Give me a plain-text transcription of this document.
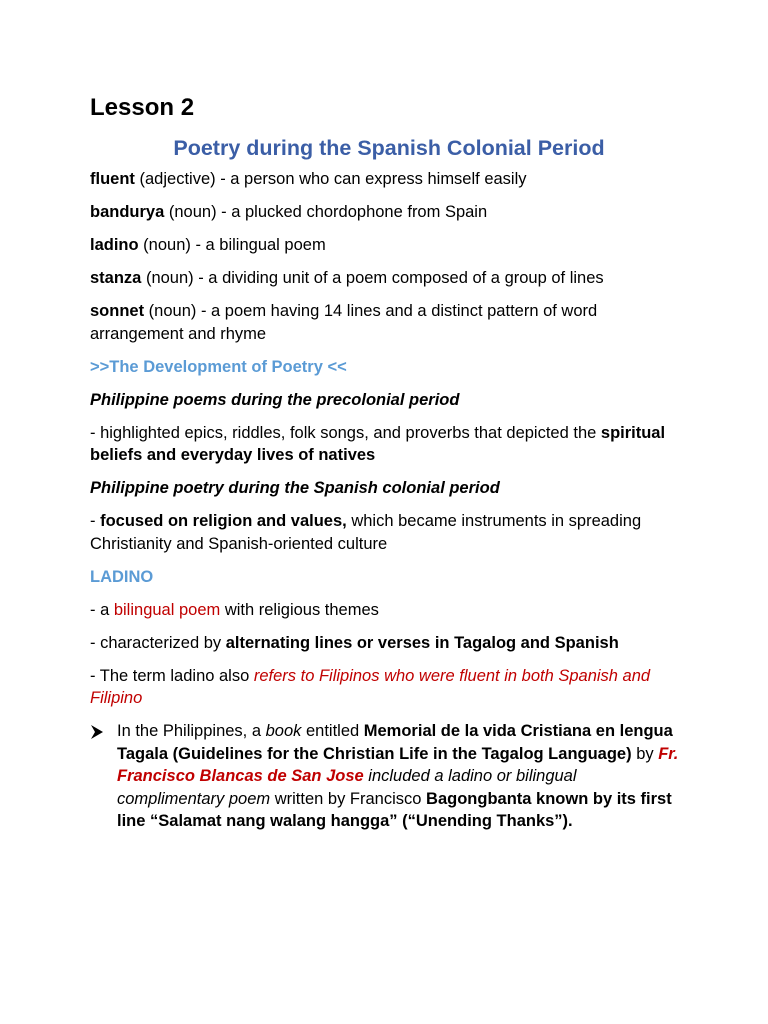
Lesson 2
Poetry during the Spanish Colonial Period

fluent (adjective) - a person who can express himself easily

bandurya (noun) - a plucked chordophone from Spain

ladino (noun) - a bilingual poem

stanza (noun) - a dividing unit of a poem composed of a group of lines

sonnet (noun) - a poem having 14 lines and a distinct pattern of word arrangement and rhyme

>>The Development of Poetry <<

Philippine poems during the precolonial period

- highlighted epics, riddles, folk songs, and proverbs that depicted the spiritual beliefs and everyday lives of natives

Philippine poetry during the Spanish colonial period

- focused on religion and values, which became instruments in spreading Christianity and Spanish-oriented culture

LADINO

- a bilingual poem with religious themes

- characterized by alternating lines or verses in Tagalog and Spanish

- The term ladino also refers to Filipinos who were fluent in both Spanish and Filipino

In the Philippines, a book entitled Memorial de la vida Cristiana en lengua Tagala (Guidelines for the Christian Life in the Tagalog Language) by Fr. Francisco Blancas de San Jose included a ladino or bilingual complimentary poem written by Francisco Bagongbanta known by its first line “Salamat nang walang hangga” (“Unending Thanks”).
